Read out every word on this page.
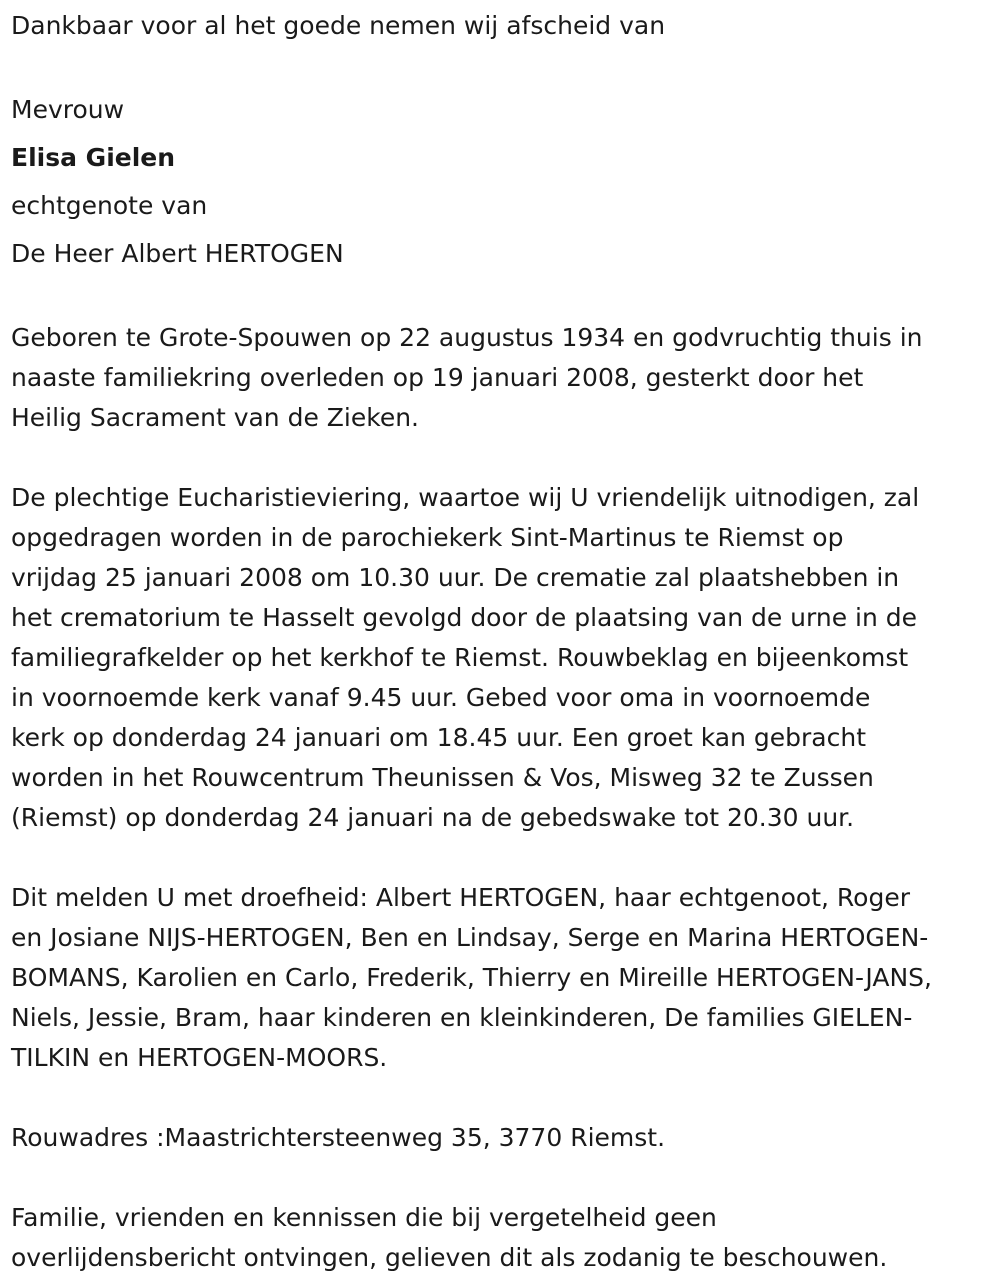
Dankbaar voor al het goede nemen wij afscheid van

Mevrouw

Elisa Gielen

echtgenote van

De Heer Albert HERTOGEN

Geboren te Grote-Spouwen op 22 augustus 1934 en godvruchtig thuis in
naaste familiekring overleden op 19 januari 2008, gesterkt door het
Heilig Sacrament van de Zieken.

De plechtige Eucharistieviering, waartoe wij U vriendelijk uitnodigen, zal
opgedragen worden in de parochiekerk Sint-Martinus te Riemst op
vrijdag 25 januari 2008 om 10.30 uur. De crematie zal plaatshebben in
het crematorium te Hasselt gevolgd door de plaatsing van de urne in de
familiegrafkelder op het kerkhof te Riemst. Rouwbeklag en bijeenkomst
in voornoemde kerk vanaf 9.45 uur. Gebed voor oma in voornoemde
kerk op donderdag 24 januari om 18.45 uur. Een groet kan gebracht
worden in het Rouwcentrum Theunissen & Vos, Misweg 32 te Zussen
(Riemst) op donderdag 24 januari na de gebedswake tot 20.30 uur.

Dit melden U met droefheid: Albert HERTOGEN, haar echtgenoot, Roger
en Josiane NIJS-HERTOGEN, Ben en Lindsay, Serge en Marina HERTOGEN-
BOMANS, Karolien en Carlo, Frederik, Thierry en Mireille HERTOGEN-JANS,
Niels, Jessie, Bram, haar kinderen en kleinkinderen, De families GIELEN-
TILKIN en HERTOGEN-MOORS.

Rouwadres :Maastrichtersteenweg 35, 3770 Riemst.

Familie, vrienden en kennissen die bij vergetelheid geen
overlijdensbericht ontvingen, gelieven dit als zodanig te beschouwen.
